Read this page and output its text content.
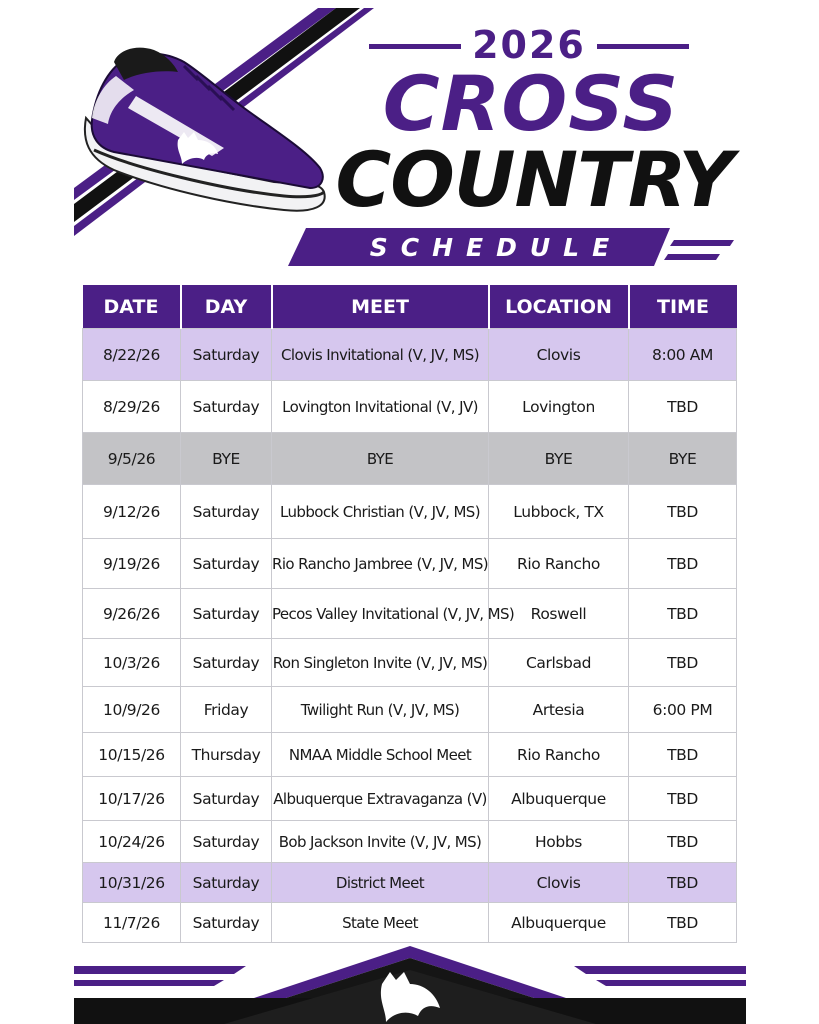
2026
CROSS
COUNTRY
SCHEDULE
DATE	DAY	MEET	LOCATION	TIME
8/22/26	Saturday	Clovis Invitational (V, JV, MS)	Clovis	8:00 AM
8/29/26	Saturday	Lovington Invitational (V, JV)	Lovington	TBD
9/5/26	BYE	BYE	BYE	BYE
9/12/26	Saturday	Lubbock Christian (V, JV, MS)	Lubbock, TX	TBD
9/19/26	Saturday	Rio Rancho Jambree (V, JV, MS)	Rio Rancho	TBD
9/26/26	Saturday	Pecos Valley Invitational (V, JV, MS)	Roswell	TBD
10/3/26	Saturday	Ron Singleton Invite (V, JV, MS)	Carlsbad	TBD
10/9/26	Friday	Twilight Run (V, JV, MS)	Artesia	6:00 PM
10/15/26	Thursday	NMAA Middle School Meet	Rio Rancho	TBD
10/17/26	Saturday	Albuquerque Extravaganza (V)	Albuquerque	TBD
10/24/26	Saturday	Bob Jackson Invite (V, JV, MS)	Hobbs	TBD
10/31/26	Saturday	District Meet	Clovis	TBD
11/7/26	Saturday	State Meet	Albuquerque	TBD
